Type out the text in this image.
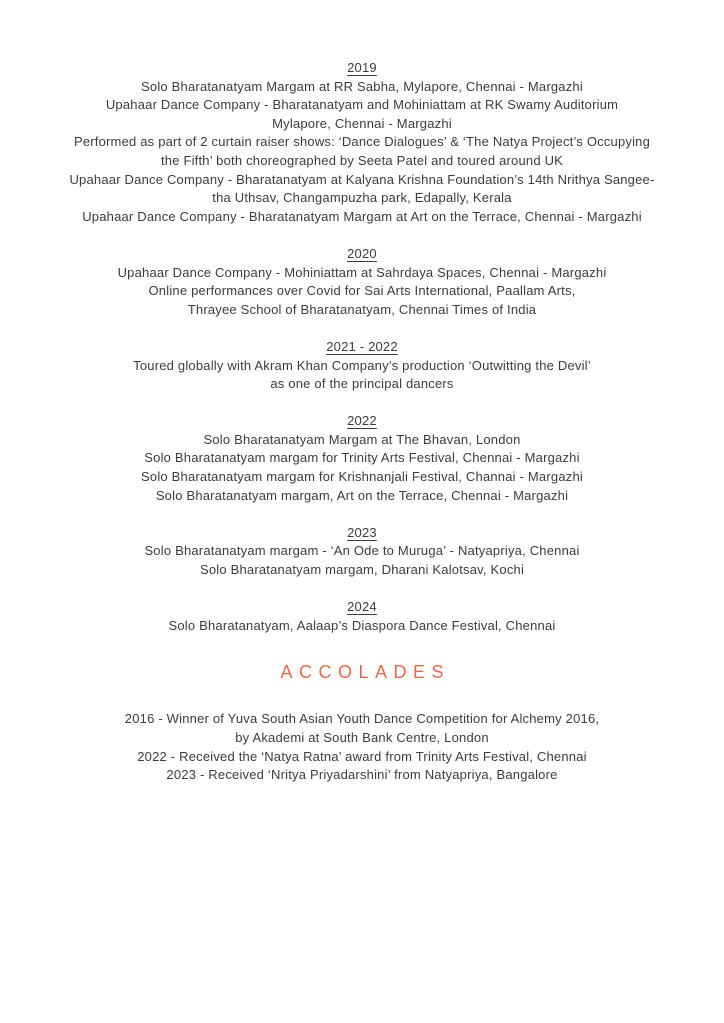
2019
Solo Bharatanatyam Margam at RR Sabha, Mylapore, Chennai - Margazhi
Upahaar Dance Company - Bharatanatyam and Mohiniattam at RK Swamy Auditorium
Mylapore, Chennai - Margazhi
Performed as part of 2 curtain raiser shows: ‘Dance Dialogues’ & ‘The Natya Project’s Occupying
the Fifth’ both choreographed by Seeta Patel and toured around UK
Upahaar Dance Company - Bharatanatyam at Kalyana Krishna Foundation’s 14th Nrithya Sangee-
tha Uthsav, Changampuzha park, Edapally, Kerala
Upahaar Dance Company - Bharatanatyam Margam at Art on the Terrace, Chennai - Margazhi
2020
Upahaar Dance Company - Mohiniattam at Sahrdaya Spaces, Chennai - Margazhi
Online performances over Covid for Sai Arts International, Paallam Arts,
Thrayee School of Bharatanatyam, Chennai Times of India
2021 - 2022
Toured globally with Akram Khan Company’s production ‘Outwitting the Devil’
as one of the principal dancers
2022
Solo Bharatanatyam Margam at The Bhavan, London
Solo Bharatanatyam margam for Trinity Arts Festival, Chennai - Margazhi
Solo Bharatanatyam margam for Krishnanjali Festival, Channai - Margazhi
Solo Bharatanatyam margam, Art on the Terrace, Chennai - Margazhi
2023
Solo Bharatanatyam margam - ‘An Ode to Muruga’ - Natyapriya, Chennai
Solo Bharatanatyam margam, Dharani Kalotsav, Kochi
2024
Solo Bharatanatyam, Aalaap’s Diaspora Dance Festival, Chennai
ACCOLADES
2016 - Winner of Yuva South Asian Youth Dance Competition for Alchemy 2016,
by Akademi at South Bank Centre, London
2022 - Received the ‘Natya Ratna’ award from Trinity Arts Festival, Chennai
2023 - Received ‘Nritya Priyadarshini’ from Natyapriya, Bangalore
